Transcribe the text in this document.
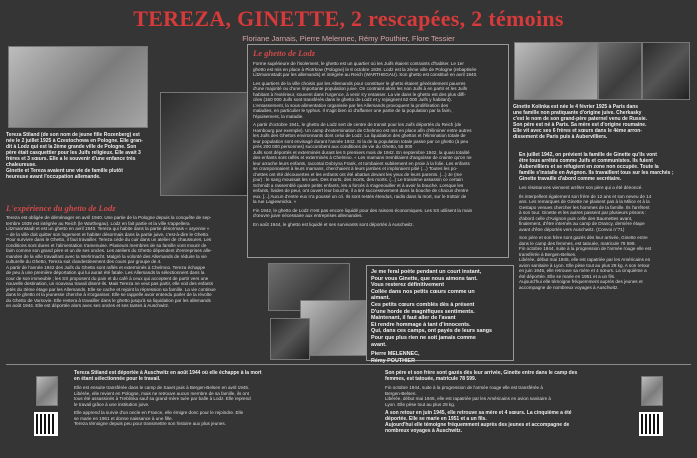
TEREZA, GINETTE, 2 rescapées, 2 témoins

Floriane Jarnais, Pierre Melennec, Rémy Pouthier, Flore Tessier

Tereza Stiland (de son nom de jeune fille Rozenberg) est

née le 2 juillet 1925 à Czestochowa en Pologne. Elle gran-

dit à Lodz qui est la 2ème grande ville de Pologne. Son

père était casquettier pour les Juifs religieux. Elle avait 3

frères et 3 sœurs. Elle a le souvenir d'une enfance très

chaleureuse.

Ginette et Tereza avaient une vie de famille plutôt

heureuse avant l'occupation allemande.

L'expérience du ghetto de Lodz

Tereza est obligée de déménager en avril 1940. Une partie de la Pologne depuis la conquête de sep-

tembre 1939 est intégrée au Reich (le Warthegau). Lodz en fait partie et la ville s'appellera

Litzmannstadt et est un ghetto en avril 1940. Tereza qui habite dans la partie désormais « aryenne »

– de la ville doit quitter son logement et habiter désormais dans la partie juive, c'est-à-dire le Ghetto.

Pour survivre dans le Ghetto, il faut travailler. Tereza cède du cuir dans un atelier de chaussures. Les

conditions sont dures et l'alimentation s'amenuise. Plusieurs membres de sa famille vont mourir de

faim comme son grand père et un de ses oncles. Les ateliers du Ghetto dépendent d'entreprises alle-

mandes de la ville travaillant avec la Wehrmacht. Malgré la volonté des Allemands de réduire la vie

culturelle du Ghetto, Tereza suit clandestinement des cours par groupe de 4.

A partir de l'année 1942 des Juifs du Ghetto sont raflés et exterminés à Chelmno. Tereza échappe

de peu à une première déportation qui lui aurait été fatale. Les Allemands la sélectionnent dans la

cour de son immeuble ; les SS proposent du pain et du café à ceux qui acceptent de partir vers une

nouvelle destination, un nouveau travail disent-ils. Mais Tereza ne veut pas partir, elle voit des enfants

jetés du 3ème étage par les Allemands. Elle se cache et rejoint la répression sa famille. La vie continue

dans le ghetto et la jeunesse cherche à s'organiser. Elle se rappelle avoir entendu parler de la révolte

du Ghetto de Varsovie. Elle restera à travailler dans le ghetto jusqu'à sa liquidation par les allemands

en août 1944. Elle est déportée alors avec ses oncles et ses tantes à Auschwitz.

Le ghetto de Lodz

Forme supérieure de l'isolement, le ghetto est un quartier où les Juifs étaient contraints d'habiter. Le 1er

ghetto est mis en place à Piotrkow (Pologne) le 8 octobre 1939. Lodz est la 2ème ville de Pologne (rebaptisée

Litzmannstadt par les allemands) et intégrée au Reich (WARTHEGAU). Son ghetto est constitué en avril 1940.

Les quartiers de la ville choisis par les Allemands pour constituer le ghetto étaient généralement pauvres

d'une majorité ou d'une importante population juive. On contraint alors les non Juifs à en partir et les Juifs

habitant à l'extérieur, souvent dans l'urgence, à venir s'y entasser. La vie dans le ghetto est des plus diffi-

ciles (160 000 Juifs sont transférés dans le ghetto de Lodz et y rejoignent 62 000 Juifs y habitant).

L'entassement, la sous-alimentation organisée par les Allemands provoquent la prolifération des

maladies, en particulier le typhus. Il s'agit bien ici d'affamer une partie de la population par la faim,

l'épuisement, la maladie.

A partir d'octobre 1941, le ghetto de Lodz sert de centre de transit pour les Juifs déportés du Reich (de

Hambourg par exemple). Un camp d'extermination de Chelmno est mis en place afin d'éliminer entre autres

les Juifs des Ghettos environnants dont celui de Lodz. La liquidation des ghettos et l'élimination totale de

leur population sont envisagé durant l'année 1942. Si la de la population totale passe par ce ghetto (à peu

près 200 000 personnes) succombent aux conditions de vie du Ghetto, 55 000

Juifs sont déportés et exterminés durant les 5 premiers mois de 1942. En septembre 1942, la quasi totalité

des enfants sont raflés et exterminés à Chelmno. « Les mamans tremblaient d'angoisse de crainte qu'on ne

leur arrache leurs enfants, racontai Dobryna Frank, et tombaient subitement en proie à la folie. Les enfants

se cramponnaient à leurs mamans, cherchaient à leurs jambes et imploraient pitié (...) Toutes les po-

chettes ont été découvertes et les enfants ont été abattus devant les yeux de leurs parents. (...) Je (me

jour) : le sang moussait les rues. Des morts, des morts, des morts. (...) Le troisième assassin ce certain

Schmidt a rassemblé quatre petits enfants, les a forcés à s'agenouiller et à avoir la bouche. Lorsque les

enfants, livides de peur, ont ouvert leur bouche, il a tiré successivement dans la bouche de chacun d'entre

eux. [...] Aucun d'entre eux n'a poussé un cri. Ils sont restés étendus, raidis dans la mort, sur le trottoir de

la rue Lagiewnicka. »

Fin 1942, le ghetto de Lodz n'est pas encore liquidé pour des raisons économiques. Les SS utilisent la main

d'œuvre juive nécessaire aux entreprises allemandes.

En août 1944, le ghetto est liquidé et ses survivants sont déportés à Auschwitz.

Ginette Kolinka est née le 4 février 1925 à Paris dans

une famille non pratiquante d'origine juive. Cherkasky

c'est le nom de son grand-père paternel venu de Russie.

Son père est né à Paris. Sa mère est d'origine roumaine.

Elle vit avec ses 6 frères et sœurs dans le 4ème arron-

dissement de Paris puis à Aubervilliers.

En juillet 1942, on prévient la famille de Ginette qu'ils vont

être tous arrêtés comme Juifs et communistes. Ils fuient

Aubervilliers et se réfugient en zone non occupée. Toute la

famille s'installe en Avignon. Ils travaillent tous sur les marchés ;

Ginette travaille d'abord comme secrétaire.

Les résistances viennent arrêter son père qui a été dénoncé.

Ils interpellent également son frère de 12 ans et son neveu de 14

ans. Les remarques de Ginette ne plaisent pas à la Milice et à la

Gestapo venues chercher les hommes de la famille. Ils l'arrêtent

à son tour. Ginette et les autres passent par plusieurs prisons :

d'abord celle d'Avignon puis celle des Baumettes avant,

finalement, d'être internés au camp de Drancy, dernière étape

avant d'être déportés vers Auschwitz. (Convoi n°71)

Son père et son frère sont gazés dès leur arrivée, Ginette entre

dans le camp des femmes, est tatouée, matricule 78 599.

Fin octobre 1944, suite à la progression de l'armée rouge elle est

transférée à Bergen-Belsen.

Libérée, début mai 1945, elle est rapatriée par les Américains en

avion sanitaire à Lyon. Elle pèse tout au plus 28 kg. A son retour

en juin 1945, elle retrouve sa mère et 4 sœurs. La cinquième a

été déportée. Elle se marie en 1951 et a un fils.

Aujourd'hui elle témoigne fréquemment auprès des jeunes et

accompagne de nombreux voyages à Auschwitz.

Je me feral poète pendant un court instant,

Pour vous Ginette, que nous aimons tant.

Vous resterez définitivement

Collée dans nos petits cœurs comme un

aimant.

Ces petits cœurs comblés dès à présent

D'une horde de magnifiques sentiments.

Maintenant, il faut aller de l'avant

Et rendre hommage à tant d'innocents.

Qui, dans ces camps, ont payés de leurs sangs

Pour que plus rien ne soit jamais comme

avant.

Pierre MELENNEC,

Rémy POUTHIER

Tereza Stiland est déportée à Auschwitz en août 1944 où elle échappe à la mort

en étant sélectionnée pour le travail.

Elle est ensuite transférée dans le camp de Saxet puis à Bergen-Belsen en avril 1945.

Libérée, elle revient en Pologne, mais ne retrouve aucun membre de sa famille, ils ont

tous été assassinés à Treblinka sauf sa grand-mère tuée par balle à Lodz. Elle reprend

le travail grâce à une institution juive.

Elle apprend la survie d'un oncle en France, elle émigre donc pour le rejoindre. Elle

se marie en 1961 et donne naissance à une fille.

Tereza témoigne depuis peu pour transmettre son histoire aux plus jeunes.

Son père et son frère sont gazés dès leur arrivée, Ginette entre dans le camp des

femmes, est tatouée, matricule 78 599.

Fin octobre 1944, suite à la progression de l'armée rouge elle est transférée à

Bergen-Belsen.

Libérée, début mai 1945, elle est rapatriée par les Américains en avion sanitaire à

Lyon. Elle pèse tout au plus 28 kg.

A son retour en juin 1945, elle retrouve sa mère et 4 sœurs. La cinquième a été

déportée. Elle se marie en 1951 et a un fils.

Aujourd'hui elle témoigne fréquemment auprès des jeunes et accompagne de

nombreux voyages à Auschwitz.
